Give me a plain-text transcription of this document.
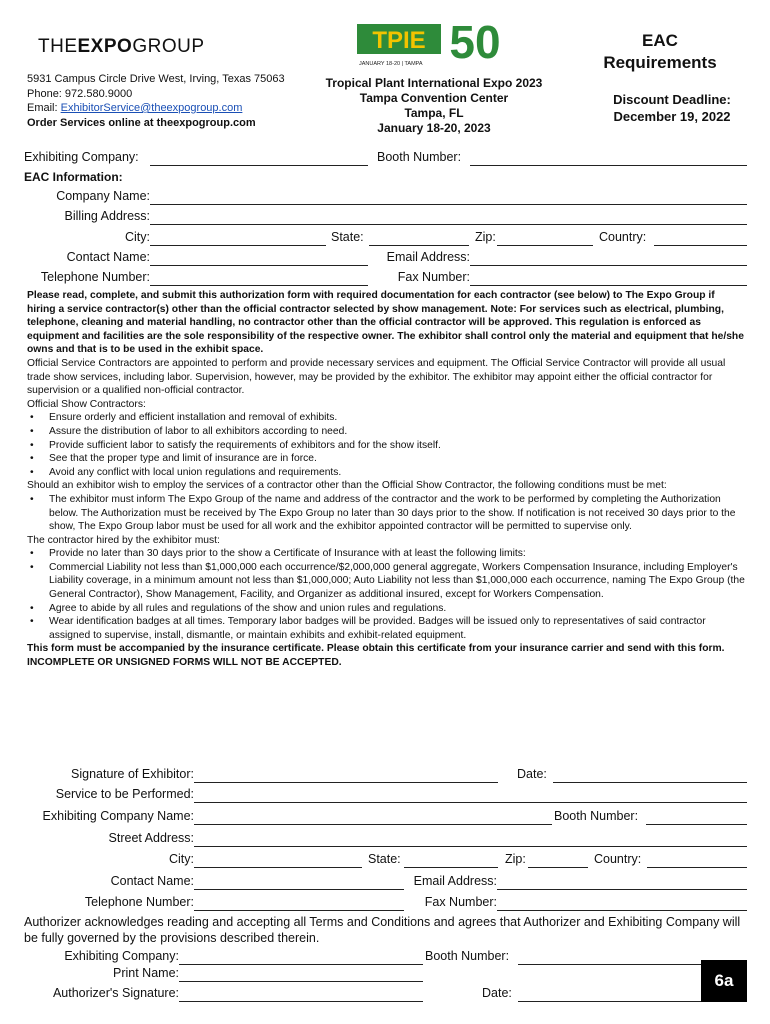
THEEXPOGROUP
5931 Campus Circle Drive West, Irving, Texas 75063
Phone: 972.580.9000
Email: ExhibitorService@theexpogroup.com
Order Services online at theexpogroup.com
TPIE 50
JANUARY 18-20 | TAMPA
Tropical Plant International Expo 2023
Tampa Convention Center
Tampa, FL
January 18-20, 2023
EAC
Requirements
Discount Deadline:
December 19, 2022
Exhibiting Company:	Booth Number:
EAC Information:
Company Name:
Billing Address:
City:	State:	Zip:	Country:
Contact Name:	Email Address:
Telephone Number:	Fax Number:

Please read, complete, and submit this authorization form with required documentation for each contractor (see below) to The Expo Group if hiring a service contractor(s) other than the official contractor selected by show management. Note: For services such as electrical, plumbing, telephone, cleaning and material handling, no contractor other than the official contractor will be approved. This regulation is enforced as equipment and facilities are the sole responsibility of the respective owner. The exhibitor shall control only the material and equipment that he/she owns and that is to be used in the exhibit space.

Official Service Contractors are appointed to perform and provide necessary services and equipment. The Official Service Contractor will provide all usual trade show services, including labor. Supervision, however, may be provided by the exhibitor. The exhibitor may appoint either the official contractor for supervision or a qualified non-official contractor.

Official Show Contractors:

• Ensure orderly and efficient installation and removal of exhibits.
• Assure the distribution of labor to all exhibitors according to need.
• Provide sufficient labor to satisfy the requirements of exhibitors and for the show itself.
• See that the proper type and limit of insurance are in force.
• Avoid any conflict with local union regulations and requirements.

Should an exhibitor wish to employ the services of a contractor other than the Official Show Contractor, the following conditions must be met:

• The exhibitor must inform The Expo Group of the name and address of the contractor and the work to be performed by completing the Authorization below. The Authorization must be received by The Expo Group no later than 30 days prior to the show. If notification is not received 30 days prior to the show, The Expo Group labor must be used for all work and the exhibitor appointed contractor will be permitted to supervise only.

The contractor hired by the exhibitor must:

• Provide no later than 30 days prior to the show a Certificate of Insurance with at least the following limits:
• Commercial Liability not less than $1,000,000 each occurrence/$2,000,000 general aggregate, Workers Compensation Insurance, including Employer's Liability coverage, in a minimum amount not less than $1,000,000; Auto Liability not less than $1,000,000 each occurrence, naming The Expo Group (the General Contractor), Show Management, Facility, and Organizer as additional insured, except for Workers Compensation.
• Agree to abide by all rules and regulations of the show and union rules and regulations.
• Wear identification badges at all times. Temporary labor badges will be provided. Badges will be issued only to representatives of said contractor assigned to supervise, install, dismantle, or maintain exhibits and exhibit-related equipment.

This form must be accompanied by the insurance certificate. Please obtain this certificate from your insurance carrier and send with this form.

INCOMPLETE OR UNSIGNED FORMS WILL NOT BE ACCEPTED.

Signature of Exhibitor:	Date:
Service to be Performed:
Exhibiting Company Name:	Booth Number:
Street Address:
City:	State:	Zip:	Country:
Contact Name:	Email Address:
Telephone Number:	Fax Number:
Authorizer acknowledges reading and accepting all Terms and Conditions and agrees that Authorizer and Exhibiting Company will be fully governed by the provisions described therein.
Exhibiting Company:	Booth Number:
Print Name:
Authorizer's Signature:	Date:
6a
